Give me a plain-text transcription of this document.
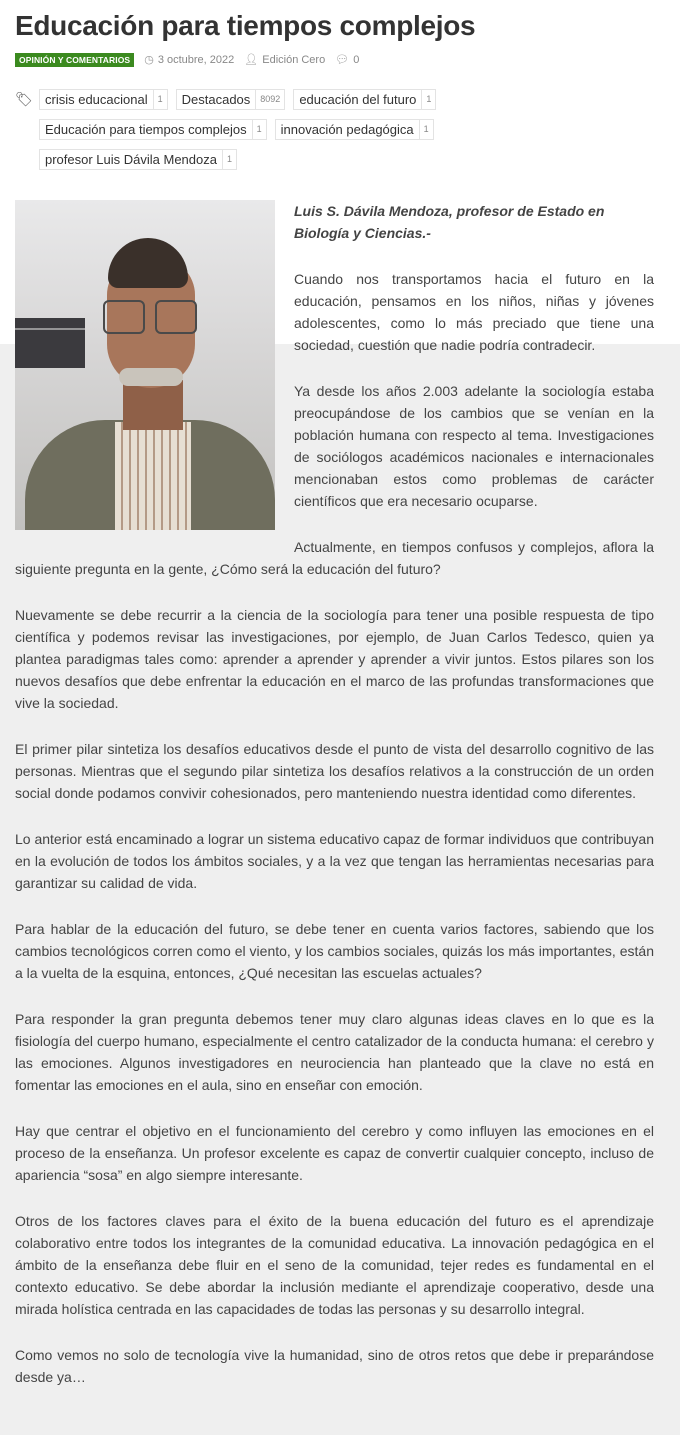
Educación para tiempos complejos
OPINIÓN Y COMENTARIOS	◷ 3 octubre, 2022 👤︎ Edición Cero 💬︎ 0
🏷︎ crisis educacional	1	Destacados	8092	educación del futuro	1
Educación para tiempos complejos	1	innovación pedagógica	1
profesor Luis Dávila Mendoza	1

Luis S. Dávila Mendoza, profesor de Estado en Biología y Ciencias.-

Cuando nos transportamos hacia el futuro en la educación, pensamos en los niños, niñas y jóvenes adolescentes, como lo más preciado que tiene una sociedad, cuestión que nadie podría contradecir.

Ya desde los años 2.003 adelante la sociología estaba preocupándose de los cambios que se venían en la población humana con respecto al tema. Investigaciones de sociólogos académicos nacionales e internacionales mencionaban estos como problemas de carácter científicos que era necesario ocuparse.

Actualmente, en tiempos confusos y complejos, aflora la siguiente pregunta en la gente, ¿Cómo será la educación del futuro?

Nuevamente se debe recurrir a la ciencia de la sociología para tener una posible respuesta de tipo científica y podemos revisar las investigaciones, por ejemplo, de Juan Carlos Tedesco, quien ya plantea paradigmas tales como: aprender a aprender y aprender a vivir juntos. Estos pilares son los nuevos desafíos que debe enfrentar la educación en el marco de las profundas transformaciones que vive la sociedad.

El primer pilar sintetiza los desafíos educativos desde el punto de vista del desarrollo cognitivo de las personas. Mientras que el segundo pilar sintetiza los desafíos relativos a la construcción de un orden social donde podamos convivir cohesionados, pero manteniendo nuestra identidad como diferentes.

Lo anterior está encaminado a lograr un sistema educativo capaz de formar individuos que contribuyan en la evolución de todos los ámbitos sociales, y a la vez que tengan las herramientas necesarias para garantizar su calidad de vida.

Para hablar de la educación del futuro, se debe tener en cuenta varios factores, sabiendo que los cambios tecnológicos corren como el viento, y los cambios sociales, quizás los más importantes, están a la vuelta de la esquina, entonces, ¿Qué necesitan las escuelas actuales?

Para responder la gran pregunta debemos tener muy claro algunas ideas claves en lo que es la fisiología del cuerpo humano, especialmente el centro catalizador de la conducta humana: el cerebro y las emociones. Algunos investigadores en neurociencia han planteado que la clave no está en fomentar las emociones en el aula, sino en enseñar con emoción.

Hay que centrar el objetivo en el funcionamiento del cerebro y como influyen las emociones en el proceso de la enseñanza. Un profesor excelente es capaz de convertir cualquier concepto, incluso de apariencia “sosa” en algo siempre interesante.

Otros de los factores claves para el éxito de la buena educación del futuro es el aprendizaje colaborativo entre todos los integrantes de la comunidad educativa. La innovación pedagógica en el ámbito de la enseñanza debe fluir en el seno de la comunidad, tejer redes es fundamental en el contexto educativo. Se debe abordar la inclusión mediante el aprendizaje cooperativo, desde una mirada holística centrada en las capacidades de todas las personas y su desarrollo integral.

Como vemos no solo de tecnología vive la humanidad, sino de otros retos que debe ir preparándose desde ya…
